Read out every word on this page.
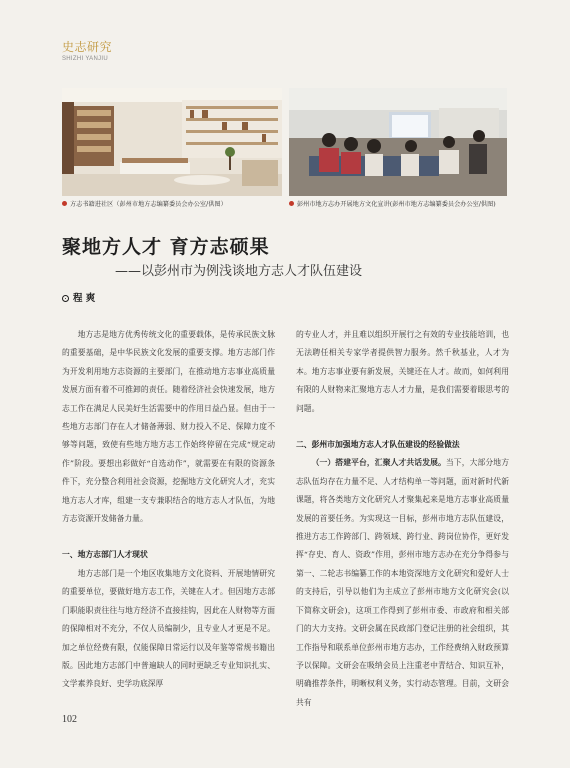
史志研究
SHIZHI YANJIU
方志书籍进社区（彭州市地方志编纂委员会办公室/供图）	彭州市地方志办开展地方文化宣讲(彭州市地方志编纂委员会办公室/供图)
聚地方人才 育方志硕果
——以彭州市为例浅谈地方志人才队伍建设
程 爽

地方志是地方优秀传统文化的重要载体，是传承民族文脉的重要基础，是中华民族文化发展的重要支撑。地方志部门作为开发利用地方志资源的主要部门，在推动地方志事业高质量发展方面有着不可推卸的责任。随着经济社会快速发展，地方志工作在满足人民美好生活需要中的作用日益凸显。但由于一些地方志部门存在人才储备薄弱、财力投入不足、保障力度不够等问题，致使有些地方地方志工作始终停留在完成“规定动作”阶段。要想出彩做好“自选动作”，就需要在有限的资源条件下，充分整合利用社会资源，挖掘地方文化研究人才，充实地方志人才库，组建一支专兼职结合的地方志人才队伍，为地方志资源开发储备力量。

一、地方志部门人才现状

地方志部门是一个地区收集地方文化资料、开展地情研究的重要单位，要做好地方志工作，关键在人才。但因地方志部门职能职责往往与地方经济不直接挂钩，因此在人财物等方面的保障相对不充分，不仅人员编制少，且专业人才更是不足。加之单位经费有限，仅能保障日常运行以及年鉴等常规书籍出版。因此地方志部门中普遍缺人的同时更缺乏专业知识扎实、文学素养良好、史学功底深厚

的专业人才，并且难以组织开展行之有效的专业技能培训，也无法聘任相关专家学者提供智力服务。然千秋基业，人才为本。地方志事业要有新发展，关键还在人才。故而，如何利用有限的人财物来汇聚地方志人才力量，是我们需要着眼思考的问题。

二、彭州市加强地方志人才队伍建设的经验做法

（一）搭建平台，汇聚人才共话发展。当下，大部分地方志队伍均存在力量不足、人才结构单一等问题，面对新时代新课题，将各类地方文化研究人才聚集起来是地方志事业高质量发展的首要任务。为实现这一目标，彭州市地方志队伍建设，推进方志工作跨部门、跨领域、跨行业、跨岗位协作，更好发挥“存史、育人、资政”作用，彭州市地方志办在充分争得参与第一、二轮志书编纂工作的本地资深地方文化研究和爱好人士的支持后，引导以他们为主成立了彭州市地方文化研究会(以下简称文研会)，这项工作得到了彭州市委、市政府和相关部门的大力支持。文研会属在民政部门登记注册的社会组织，其工作指导和联系单位彭州市地方志办，工作经费纳入财政预算予以保障。文研会在吸纳会员上注重老中青结合、知识互补，明确推荐条件，明晰权利义务，实行动态管理。目前，文研会共有

102
